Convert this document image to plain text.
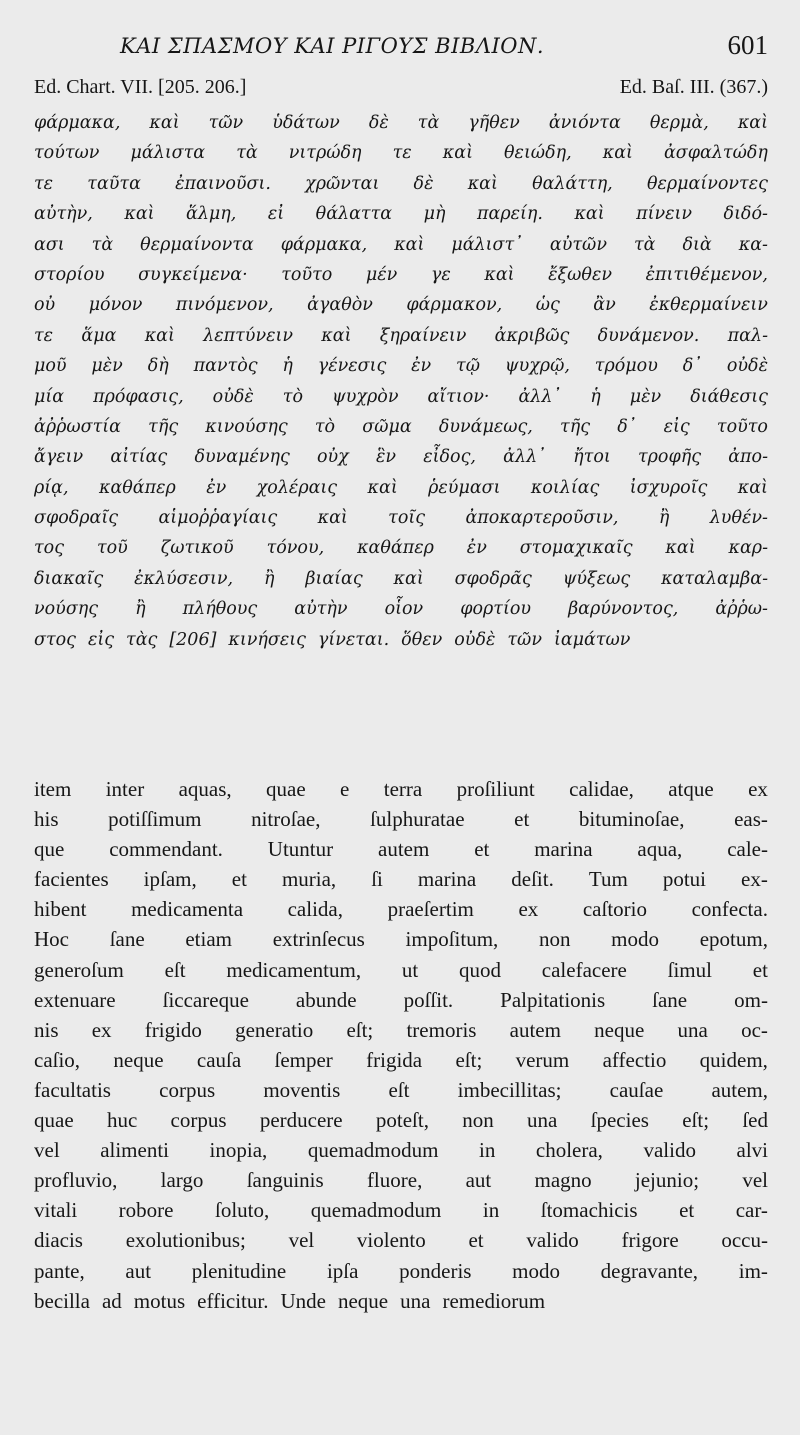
ΚΑΙ ΣΠΑΣΜΟΥ ΚΑΙ ΡΙΓΟΥΣ ΒΙΒΛΙΟΝ.	601
Ed. Chart. VII. [205. 206.]	Ed. Baſ. III. (367.)
φάρμακα, καὶ τῶν ὑδάτων δὲ τὰ γῆθεν ἀνιόντα θερμὰ, καὶ
τούτων μάλιστα τὰ νιτρώδη τε καὶ θειώδη, καὶ ἀσφαλτώδη
τε ταῦτα ἐπαινοῦσι. χρῶνται δὲ καὶ θαλάττη, θερμαίνοντες
αὐτὴν, καὶ ἅλμη, εἰ θάλαττα μὴ παρείη. καὶ πίνειν διδό-
ασι τὰ θερμαίνοντα φάρμακα, καὶ μάλιστ᾽ αὐτῶν τὰ διὰ κα-
στορίου συγκείμενα· τοῦτο μέν γε καὶ ἔξωθεν ἐπιτιθέμενον,
οὐ μόνον πινόμενον, ἀγαθὸν φάρμακον, ὡς ἂν ἐκθερμαίνειν
τε ἅμα καὶ λεπτύνειν καὶ ξηραίνειν ἀκριβῶς δυνάμενον. παλ-
μοῦ μὲν δὴ παντὸς ἡ γένεσις ἐν τῷ ψυχρῷ, τρόμου δ᾽ οὐδὲ
μία πρόφασις, οὐδὲ τὸ ψυχρὸν αἴτιον· ἀλλ᾽ ἡ μὲν διάθεσις
ἀῤῥωστία τῆς κινούσης τὸ σῶμα δυνάμεως, τῆς δ᾽ εἰς τοῦτο
ἄγειν αἰτίας δυναμένης οὐχ ἓν εἶδος, ἀλλ᾽ ἤτοι τροφῆς ἀπο-
ρίᾳ, καθάπερ ἐν χολέραις καὶ ῥεύμασι κοιλίας ἰσχυροῖς καὶ
σφοδραῖς αἱμοῤῥαγίαις καὶ τοῖς ἀποκαρτεροῦσιν, ἢ λυθέν-
τος τοῦ ζωτικοῦ τόνου, καθάπερ ἐν στομαχικαῖς καὶ καρ-
διακαῖς ἐκλύσεσιν, ἢ βιαίας καὶ σφοδρᾶς ψύξεως καταλαμβα-
νούσης ἢ πλήθους αὐτὴν οἷον φορτίου βαρύνοντος, ἀῤῥω-
στος εἰς τὰς [206] κινήσεις γίνεται. ὅθεν οὐδὲ τῶν ἰαμάτων
item inter aquas, quae e terra proſiliunt calidae, atque ex
his potiſſimum nitroſae, ſulphuratae et bituminoſae, eas-
que commendant. Utuntur autem et marina aqua, cale-
facientes ipſam, et muria, ſi marina deſit. Tum potui ex-
hibent medicamenta calida, praeſertim ex caſtorio confecta.
Hoc ſane etiam extrinſecus impoſitum, non modo epotum,
generoſum eſt medicamentum, ut quod calefacere ſimul et
extenuare ſiccareque abunde poſſit. Palpitationis ſane om-
nis ex frigido generatio eſt; tremoris autem neque una oc-
caſio, neque cauſa ſemper frigida eſt; verum affectio quidem,
facultatis corpus moventis eſt imbecillitas; cauſae autem,
quae huc corpus perducere poteſt, non una ſpecies eſt; ſed
vel alimenti inopia, quemadmodum in cholera, valido alvi
profluvio, largo ſanguinis fluore, aut magno jejunio; vel
vitali robore ſoluto, quemadmodum in ſtomachicis et car-
diacis exolutionibus; vel violento et valido frigore occu-
pante, aut plenitudine ipſa ponderis modo degravante, im-
becilla ad motus efficitur. Unde neque una remediorum
